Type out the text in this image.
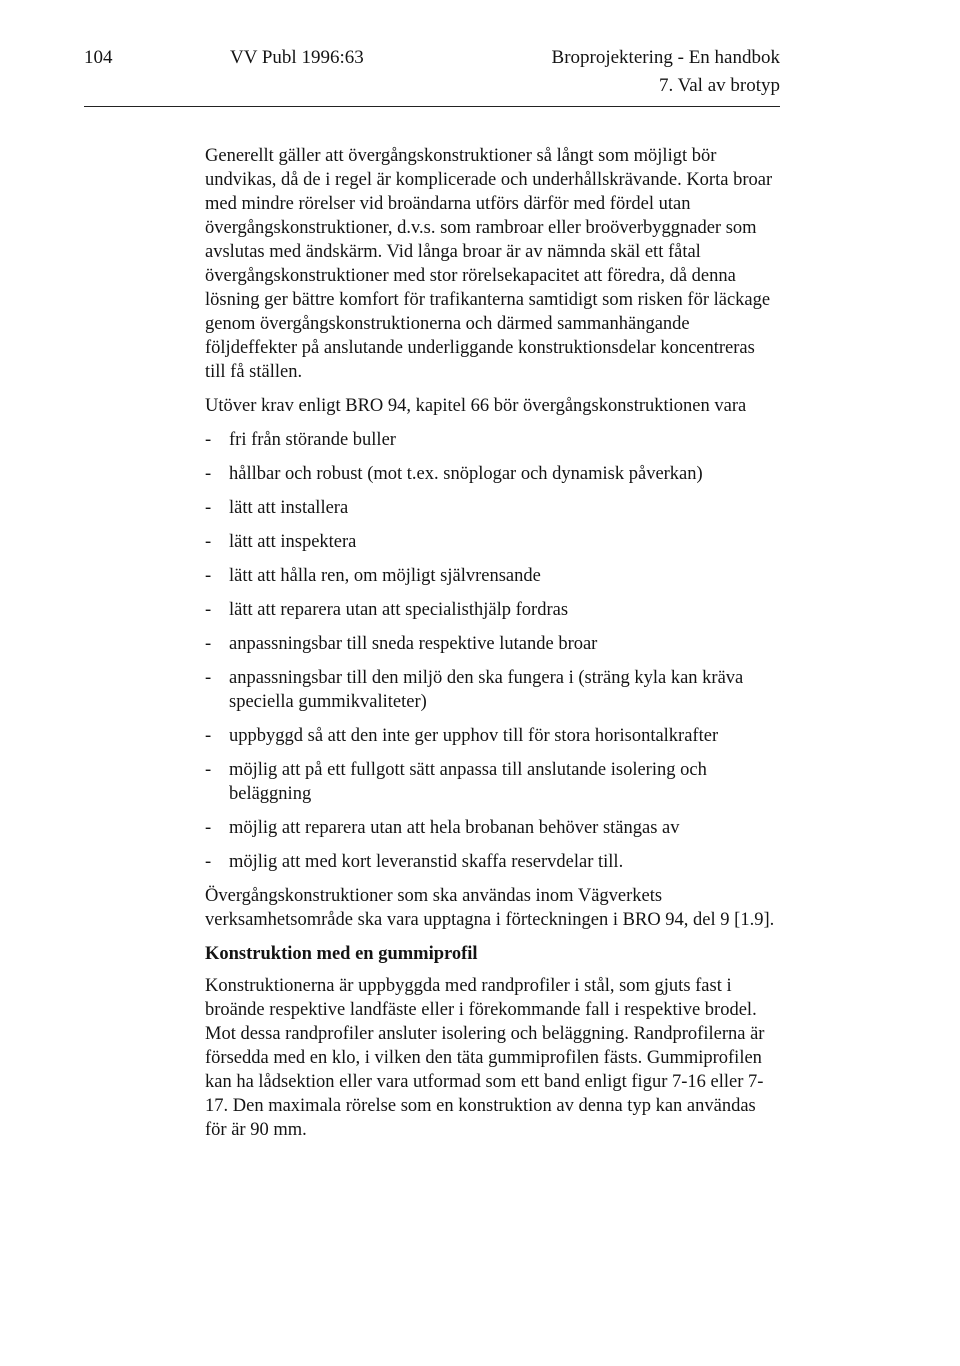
104	VV Publ 1996:63	Broprojektering - En handbok
7. Val av brotyp

Generellt gäller att övergångskonstruktioner så långt som möjligt bör undvikas, då de i regel är komplicerade och underhållskrävande. Korta broar med mindre rörelser vid broändarna utförs därför med fördel utan övergångskonstruktioner, d.v.s. som rambroar eller broöverbyggnader som avslutas med ändskärm. Vid långa broar är av nämnda skäl ett fåtal övergångskonstruktioner med stor rörelsekapacitet att föredra, då denna lösning ger bättre komfort för trafikanterna samtidigt som risken för läckage genom övergångskonstruktionerna och därmed sammanhängande följdeffekter på anslutande underliggande konstruktionsdelar koncentreras till få ställen.

Utöver krav enligt BRO 94, kapitel 66 bör övergångskonstruktionen vara

- fri från störande buller
- hållbar och robust (mot t.ex. snöplogar och dynamisk påverkan)
- lätt att installera
- lätt att inspektera
- lätt att hålla ren, om möjligt självrensande
- lätt att reparera utan att specialisthjälp fordras
- anpassningsbar till sneda respektive lutande broar
- anpassningsbar till den miljö den ska fungera i (sträng kyla kan kräva speciella gummikvaliteter)
- uppbyggd så att den inte ger upphov till för stora horisontalkrafter
- möjlig att på ett fullgott sätt anpassa till anslutande isolering och beläggning
- möjlig att reparera utan att hela brobanan behöver stängas av
- möjlig att med kort leveranstid skaffa reservdelar till.

Övergångskonstruktioner som ska användas inom Vägverkets verksamhetsområde ska vara upptagna i förteckningen i BRO 94, del 9 [1.9].

Konstruktion med en gummiprofil

Konstruktionerna är uppbyggda med randprofiler i stål, som gjuts fast i broände respektive landfäste eller i förekommande fall i respektive brodel. Mot dessa randprofiler ansluter isolering och beläggning. Randprofilerna är försedda med en klo, i vilken den täta gummiprofilen fästs. Gummiprofilen kan ha lådsektion eller vara utformad som ett band enligt figur 7-16 eller 7-17. Den maximala rörelse som en konstruktion av denna typ kan användas för är 90 mm.
